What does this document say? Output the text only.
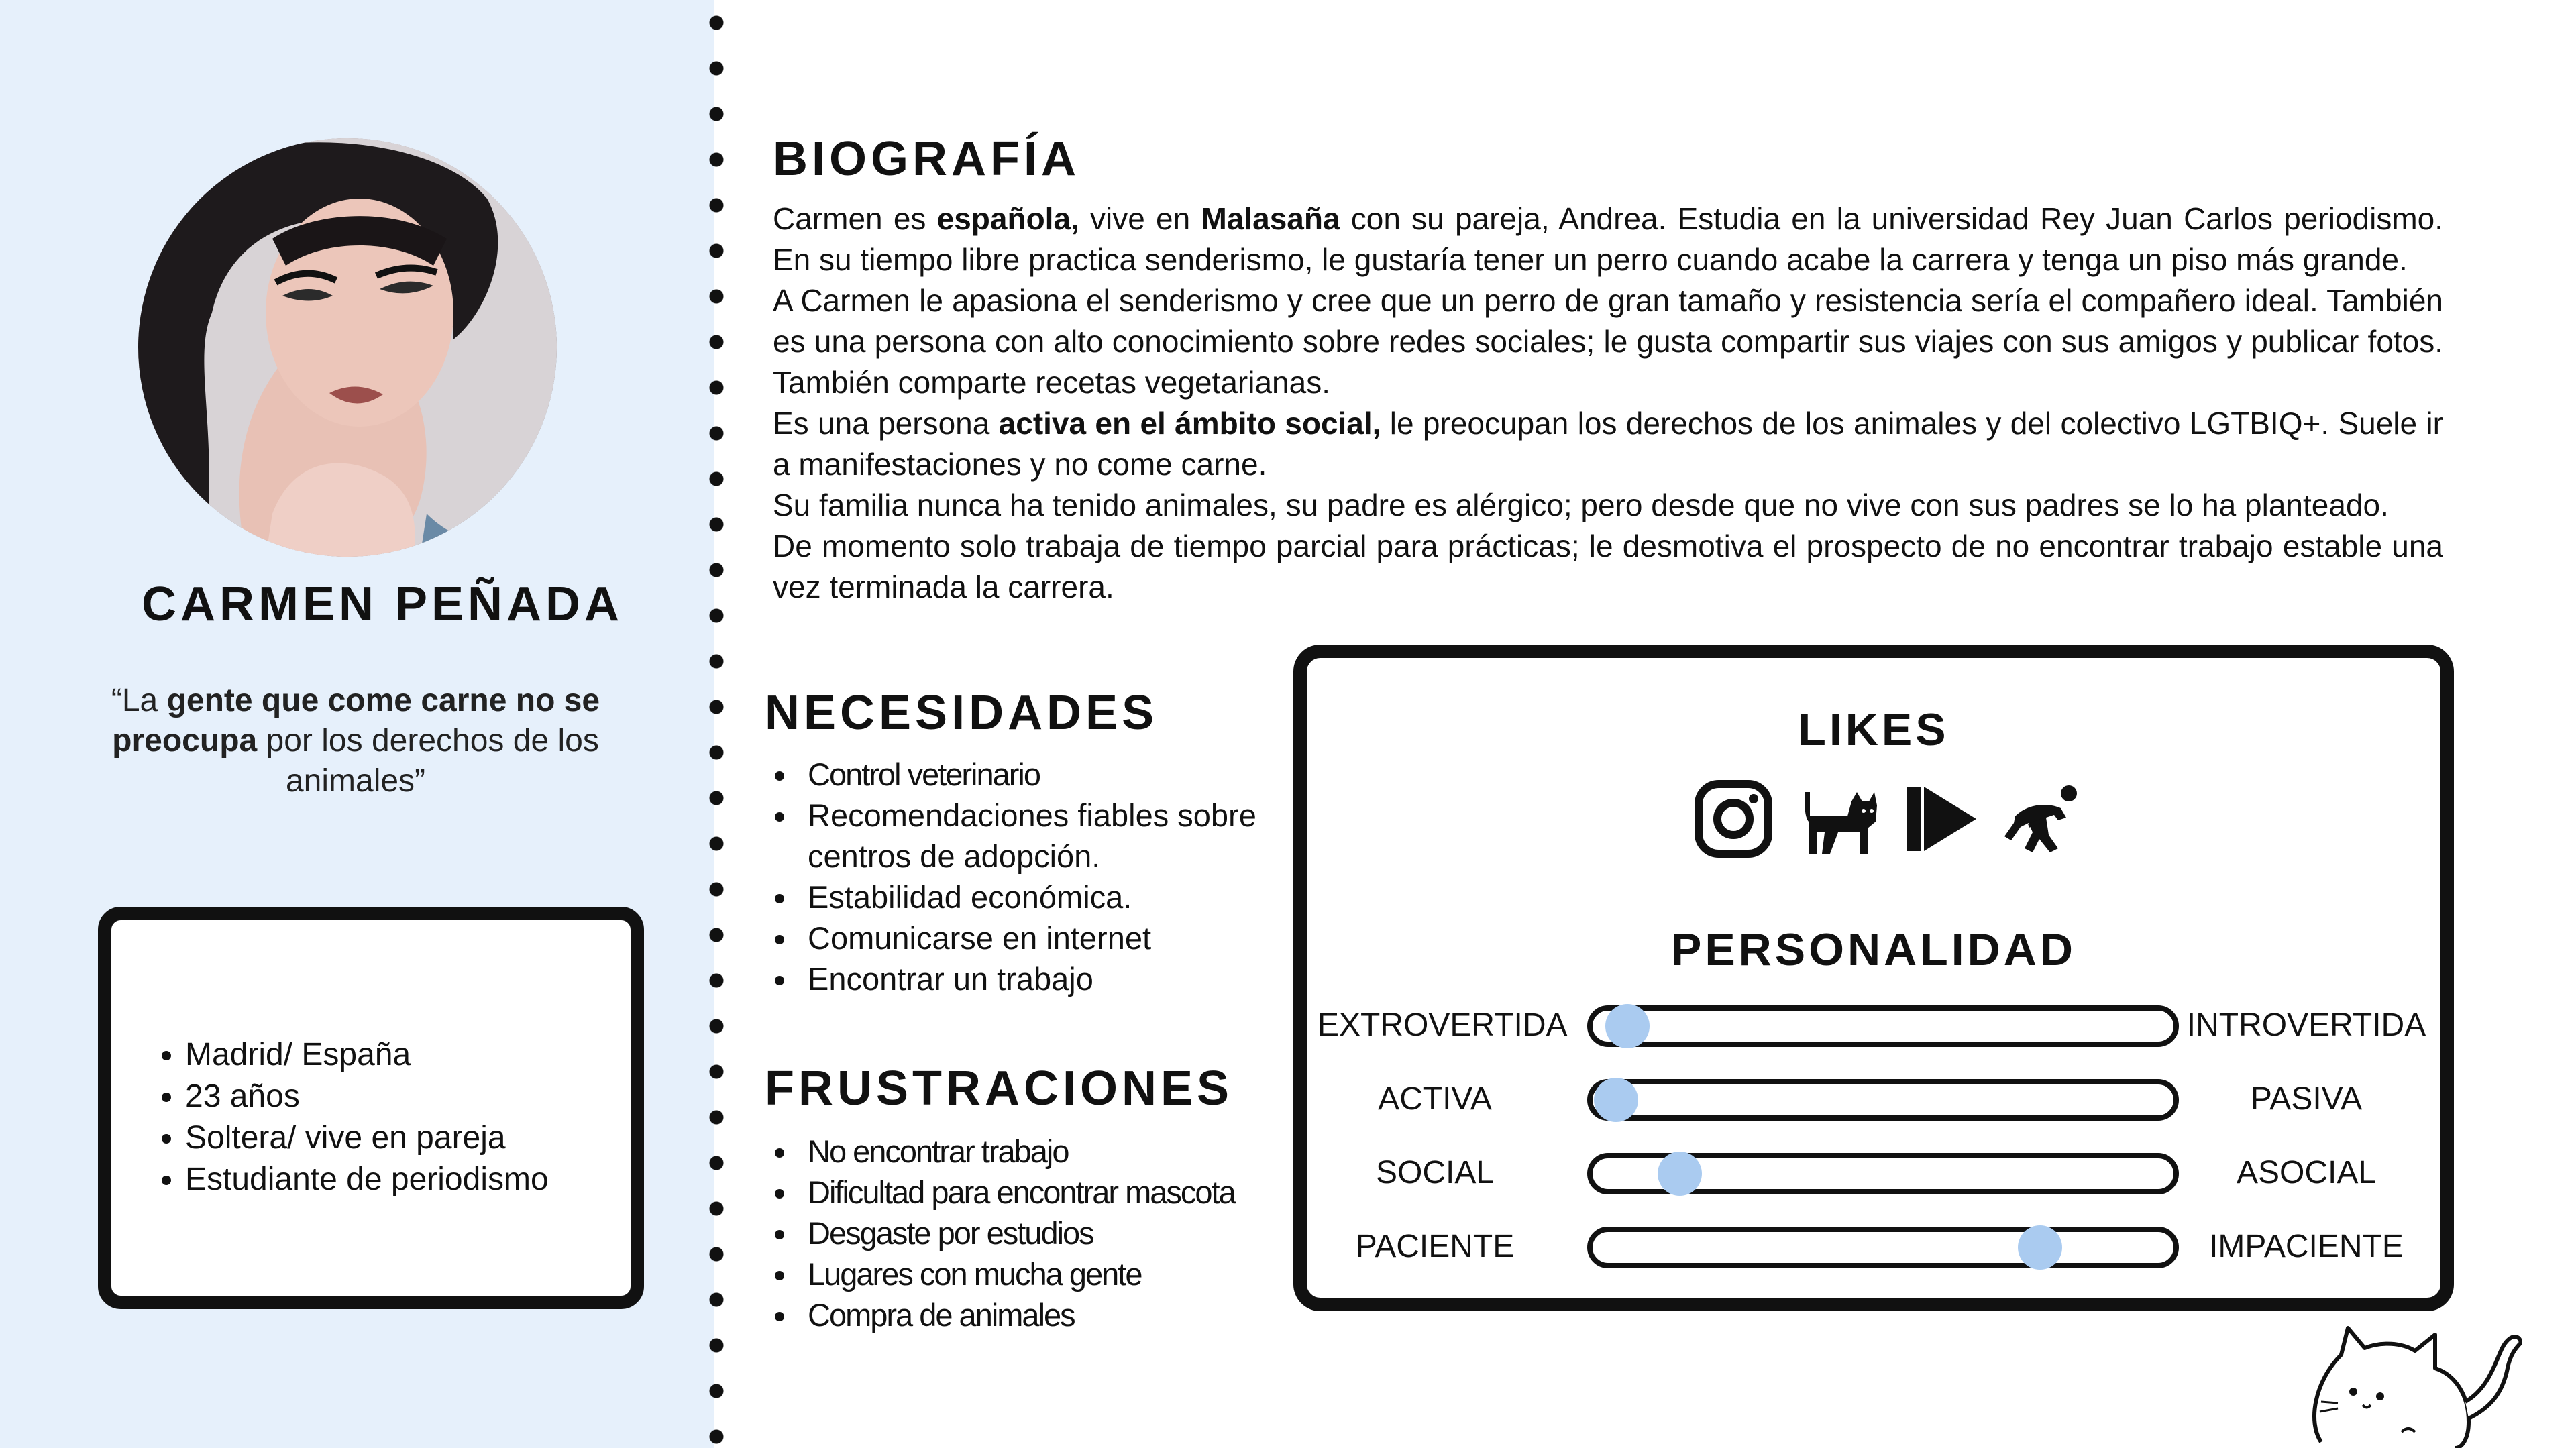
CARMEN PEÑADA
“La gente que come carne no se preocupa por los derechos de los animales”
• Madrid/ España
• 23 años
• Soltera/ vive en pareja
• Estudiante de periodismo
BIOGRAFÍA

Carmen es española, vive en Malasaña con su pareja, Andrea. Estudia en la universidad Rey Juan Carlos periodismo. En su tiempo libre practica senderismo, le gustaría tener un perro cuando acabe la carrera y tenga un piso más grande.

A Carmen le apasiona el senderismo y cree que un perro de gran tamaño y resistencia sería el compañero ideal. También es una persona con alto conocimiento sobre redes sociales; le gusta compartir sus viajes con sus amigos y publicar fotos. También comparte recetas vegetarianas.

Es una persona activa en el ámbito social, le preocupan los derechos de los animales y del colectivo LGTBIQ+. Suele ir a manifestaciones y no come carne.

Su familia nunca ha tenido animales, su padre es alérgico; pero desde que no vive con sus padres se lo ha planteado.

De momento solo trabaja de tiempo parcial para prácticas; le desmotiva el prospecto de no encontrar trabajo estable una vez terminada la carrera.

NECESIDADES
• Control veterinario
• Recomendaciones fiables sobre centros de adopción.
• Estabilidad económica.
• Comunicarse en internet
• Encontrar un trabajo
FRUSTRACIONES
• No encontrar trabajo
• Dificultad para encontrar mascota
• Desgaste por estudios
• Lugares con mucha gente
• Compra de animales
LIKES
PERSONALIDAD
EXTROVERTIDA	INTROVERTIDA
ACTIVA	PASIVA
SOCIAL	ASOCIAL
PACIENTE	IMPACIENTE
